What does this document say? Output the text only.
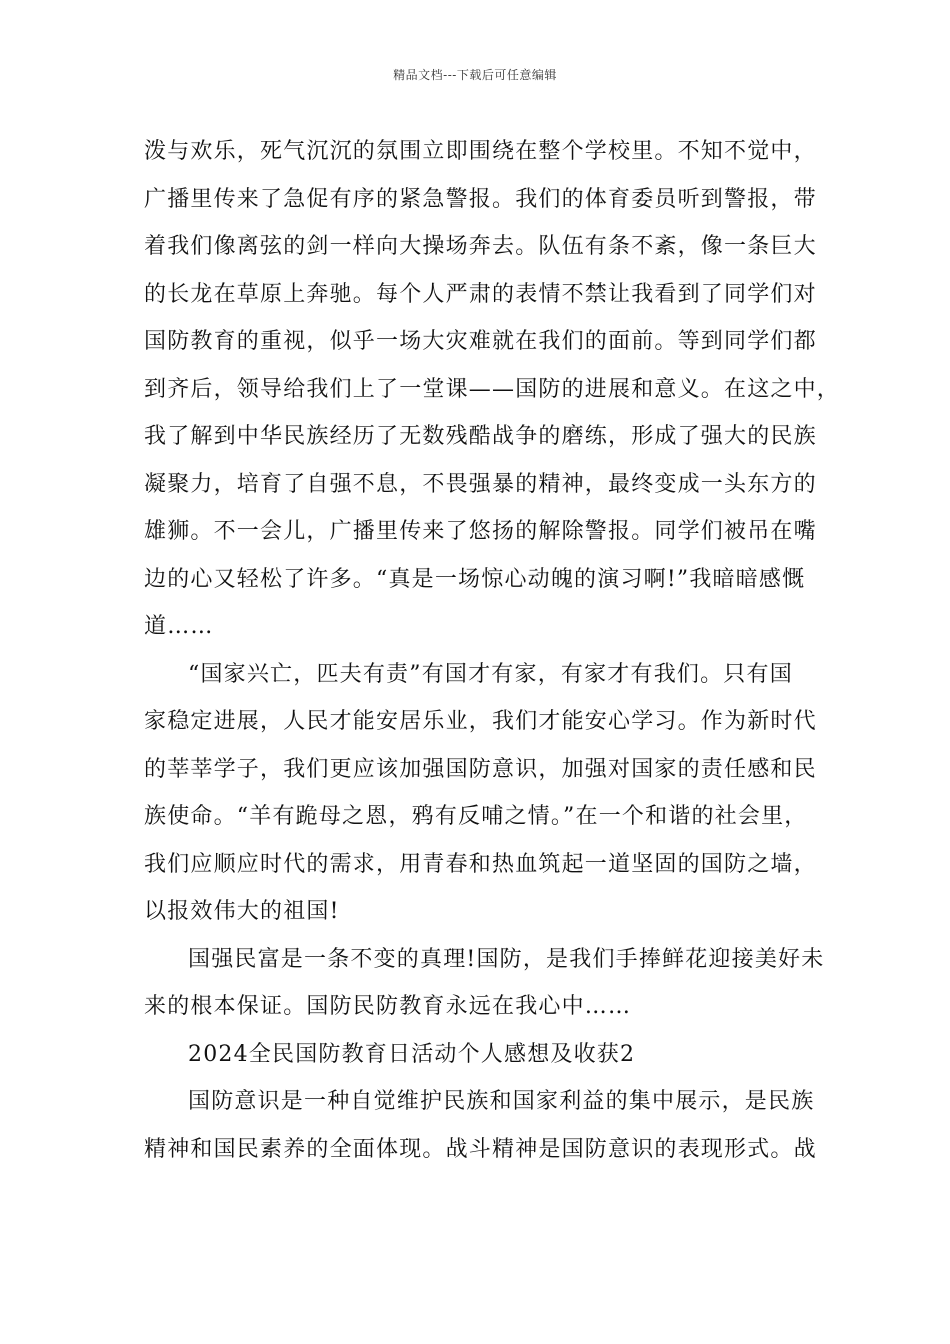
精品文档---下载后可任意编辑
泼与欢乐，死气沉沉的氛围立即围绕在整个学校里。不知不觉中，
广播里传来了急促有序的紧急警报。我们的体育委员听到警报，带
着我们像离弦的剑一样向大操场奔去。队伍有条不紊，像一条巨大
的长龙在草原上奔驰。每个人严肃的表情不禁让我看到了同学们对
国防教育的重视，似乎一场大灾难就在我们的面前。等到同学们都
到齐后，领导给我们上了一堂课——国防的进展和意义。在这之中，
我了解到中华民族经历了无数残酷战争的磨练，形成了强大的民族
凝聚力，培育了自强不息，不畏强暴的精神，最终变成一头东方的
雄狮。不一会儿，广播里传来了悠扬的解除警报。同学们被吊在嘴
边的心又轻松了许多。“真是一场惊心动魄的演习啊!”我暗暗感慨
道……
“国家兴亡，匹夫有责”有国才有家，有家才有我们。只有国
家稳定进展，人民才能安居乐业，我们才能安心学习。作为新时代
的莘莘学子，我们更应该加强国防意识，加强对国家的责任感和民
族使命。“羊有跪母之恩，鸦有反哺之情。”在一个和谐的社会里，
我们应顺应时代的需求，用青春和热血筑起一道坚固的国防之墙，
以报效伟大的祖国!
国强民富是一条不变的真理!国防，是我们手捧鲜花迎接美好未
来的根本保证。国防民防教育永远在我心中……
2024全民国防教育日活动个人感想及收获2
国防意识是一种自觉维护民族和国家利益的集中展示，是民族
精神和国民素养的全面体现。战斗精神是国防意识的表现形式。战
